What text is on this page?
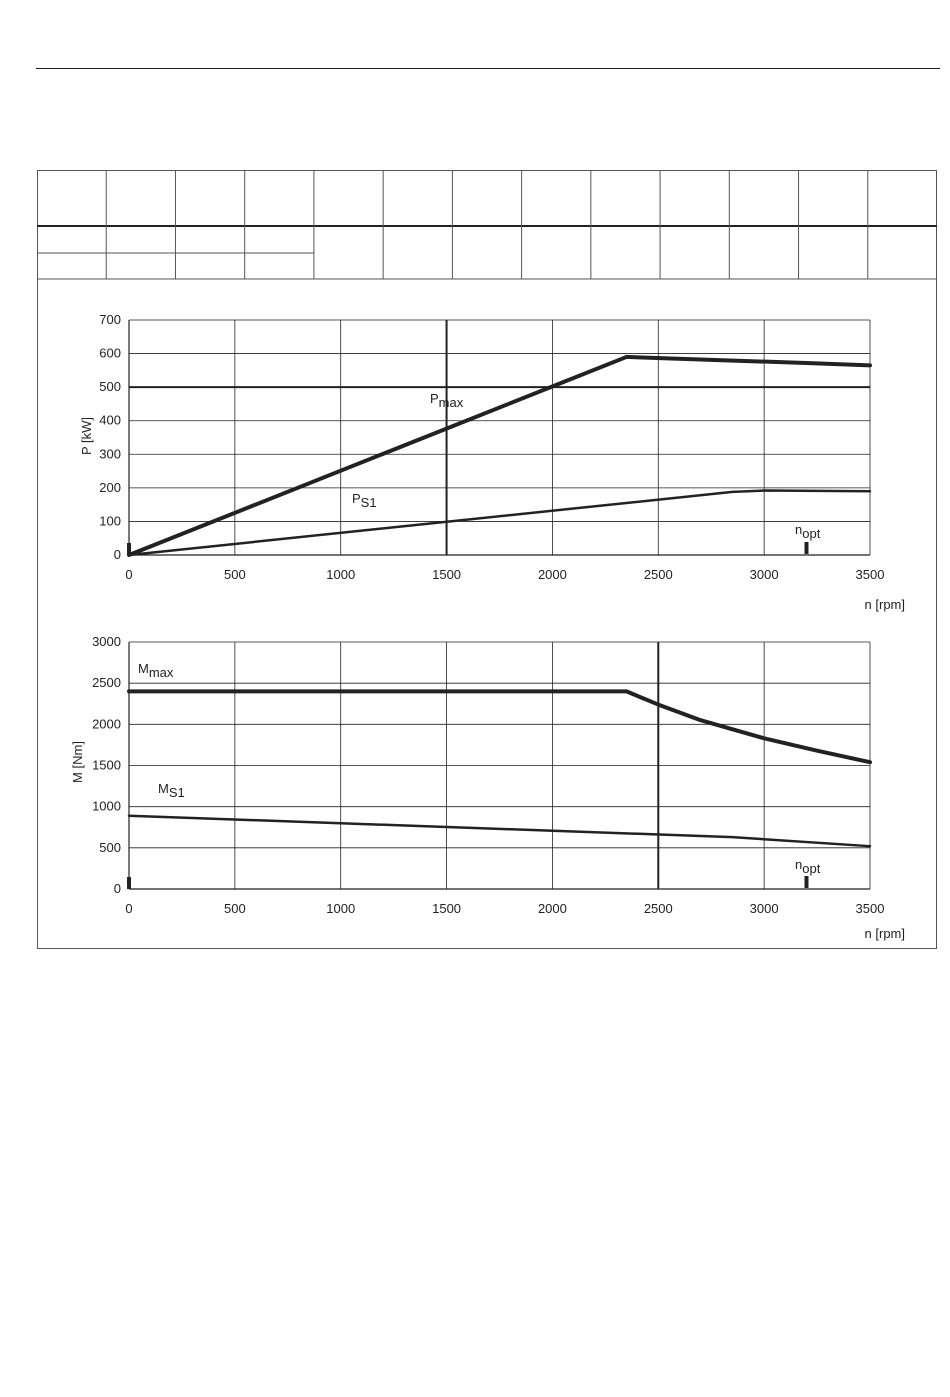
0	500	1000	1500	2000	2500	3000	3500
0
100
200
300
400
500
600
700
n [rpm]
P [kW]
Pmax
PS1
nopt
0	500	1000	1500	2000	2500	3000	3500
0
500
1000
1500
2000
2500
3000
n [rpm]
M [Nm]
Mmax
MS1
nopt
